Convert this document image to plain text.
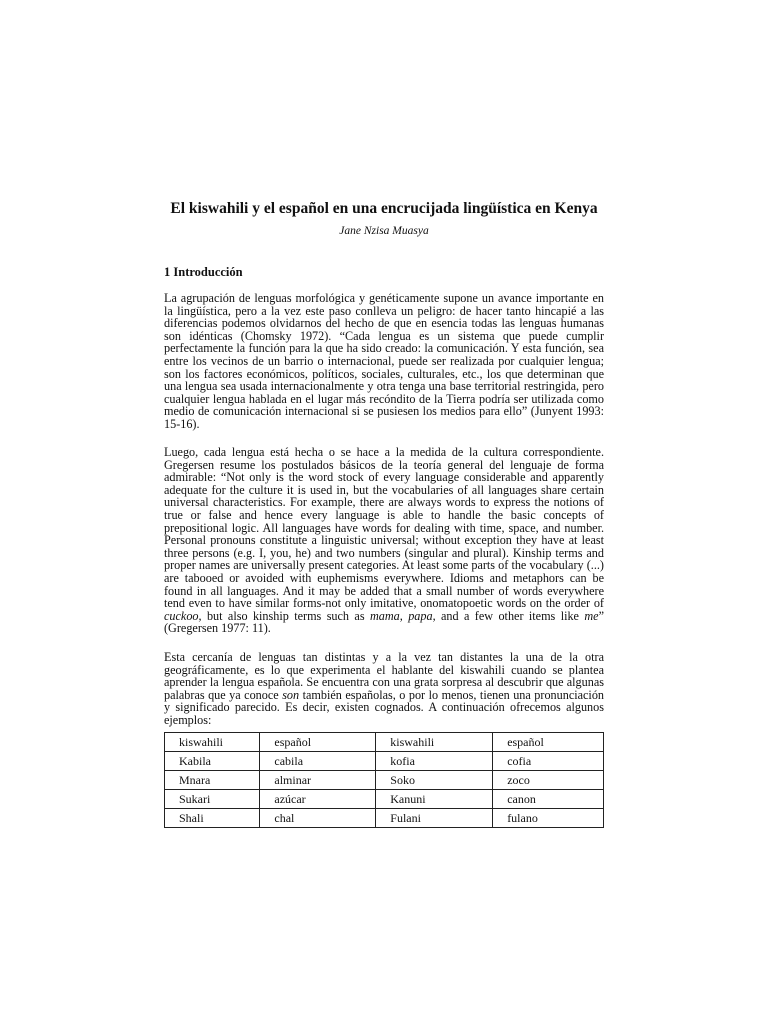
El kiswahili y el español en una encrucijada lingüística en Kenya
Jane Nzisa Muasya
1 Introducción
La agrupación de lenguas morfológica y genéticamente supone un avance importante en la lingüística, pero a la vez este paso conlleva un peligro: de hacer tanto hincapié a las diferencias podemos olvidarnos del hecho de que en esencia todas las lenguas humanas son idénticas (Chomsky 1972). “Cada lengua es un sistema que puede cumplir perfectamente la función para la que ha sido creado: la comunicación. Y esta función, sea entre los vecinos de un barrio o internacional, puede ser realizada por cualquier lengua; son los factores económicos, políticos, sociales, culturales, etc., los que determinan que una lengua sea usada internacionalmente y otra tenga una base territorial restringida, pero cualquier lengua hablada en el lugar más recóndito de la Tierra podría ser utilizada como medio de comunicación internacional si se pusiesen los medios para ello” (Junyent 1993: 15-16).
Luego, cada lengua está hecha o se hace a la medida de la cultura correspondiente. Gregersen resume los postulados básicos de la teoría general del lenguaje de forma admirable: “Not only is the word stock of every language considerable and apparently adequate for the culture it is used in, but the vocabularies of all languages share certain universal characteristics. For example, there are always words to express the notions of true or false and hence every language is able to handle the basic concepts of prepositional logic. All languages have words for dealing with time, space, and number. Personal pronouns constitute a linguistic universal; without exception they have at least three persons (e.g. I, you, he) and two numbers (singular and plural). Kinship terms and proper names are universally present categories. At least some parts of the vocabulary (...) are tabooed or avoided with euphemisms everywhere. Idioms and metaphors can be found in all languages. And it may be added that a small number of words everywhere tend even to have similar forms-not only imitative, onomatopoetic words on the order of cuckoo, but also kinship terms such as mama, papa, and a few other items like me” (Gregersen 1977: 11).
Esta cercanía de lenguas tan distintas y a la vez tan distantes la una de la otra geográficamente, es lo que experimenta el hablante del kiswahili cuando se plantea aprender la lengua española. Se encuentra con una grata sorpresa al descubrir que algunas palabras que ya conoce son también españolas, o por lo menos, tienen una pronunciación y significado parecido. Es decir, existen cognados. A continuación ofrecemos algunos ejemplos:
kiswahili	español	kiswahili	español
Kabila	cabila	kofia	cofia
Mnara	alminar	Soko	zoco
Sukari	azúcar	Kanuni	canon
Shali	chal	Fulani	fulano
